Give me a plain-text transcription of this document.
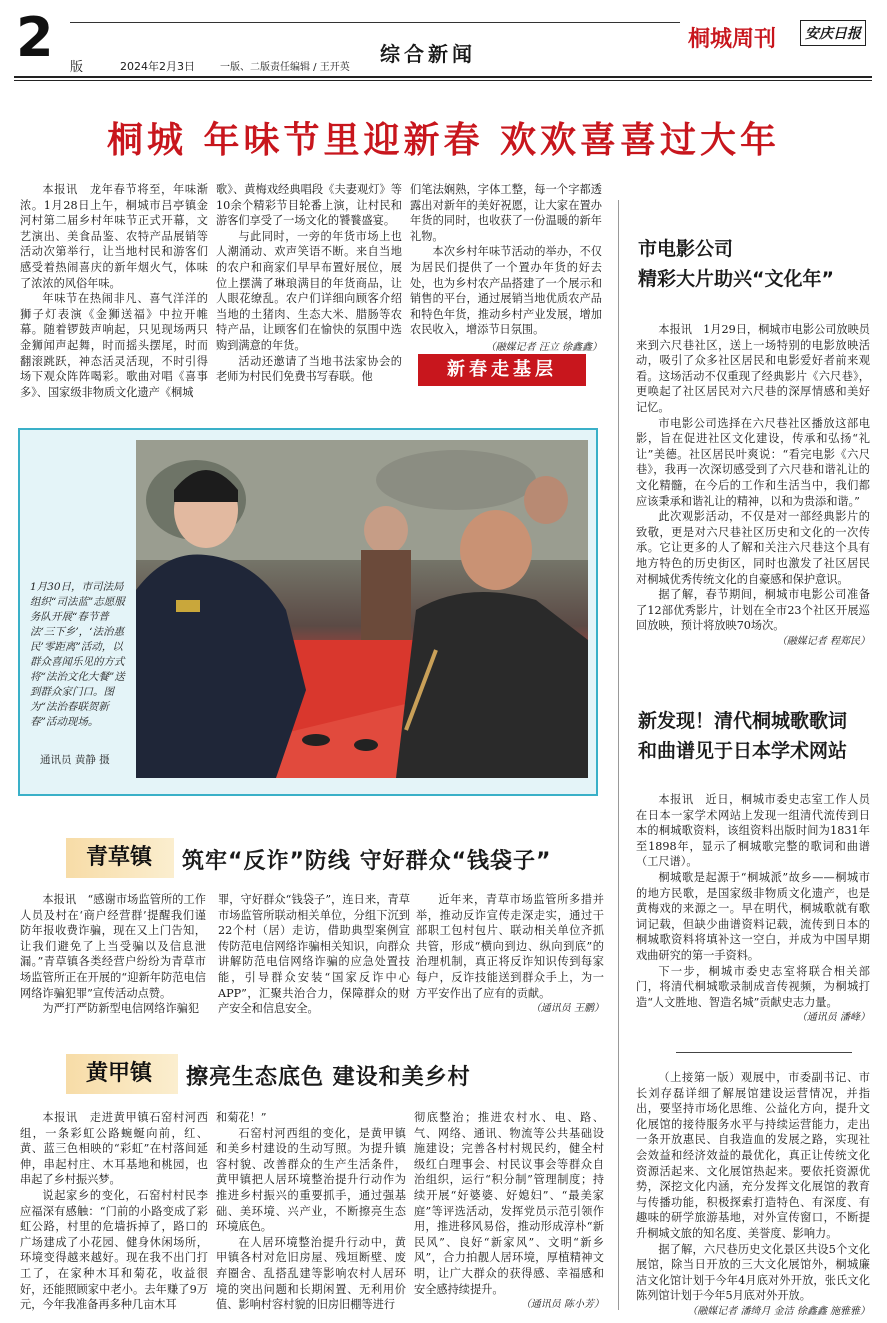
2 版	2024年2月3日	一版、二版责任编辑 / 王开英
综合新闻
桐城周刊	安庆日报
桐城 年味节里迎新春 欢欢喜喜过大年

本报讯　龙年春节将至，年味渐浓。1月28日上午，桐城市吕亭镇金河村第二届乡村年味节正式开幕，文艺演出、美食品鉴、农特产品展销等活动次第举行，让当地村民和游客们感受着热闹喜庆的新年烟火气，体味了浓浓的风俗年味。

年味节在热闹非凡、喜气洋洋的狮子灯表演《金狮送福》中拉开帷幕。随着锣鼓声响起，只见现场两只金狮闻声起舞，时而摇头摆尾，时而翻滚跳跃，神态活灵活现，不时引得场下观众阵阵喝彩。歌曲对唱《喜事多》、国家级非物质文化遗产《桐城

歌》、黄梅戏经典唱段《夫妻观灯》等10余个精彩节目轮番上演，让村民和游客们享受了一场文化的饕餮盛宴。

与此同时，一旁的年货市场上也人潮涌动、欢声笑语不断。来自当地的农户和商家们早早布置好展位，展位上摆满了琳琅满目的年货商品，让人眼花缭乱。农户们详细向顾客介绍当地的土猪肉、生态大米、腊肠等农特产品，让顾客们在愉快的氛围中选购到满意的年货。

活动还邀请了当地书法家协会的老师为村民们免费书写春联。他

们笔法娴熟，字体工整，每一个字都透露出对新年的美好祝愿，让大家在置办年货的同时，也收获了一份温暖的新年礼物。

本次乡村年味节活动的举办，不仅为居民们提供了一个置办年货的好去处，也为乡村农产品搭建了一个展示和销售的平台，通过展销当地优质农产品和特色年货，推动乡村产业发展，增加农民收入，增添节日氛围。

（融媒记者 汪立 徐鑫鑫）
新春走基层
1月30日，市司法局组织“司法蓝”志愿服务队开展“春节普法‘三下乡’，‘法治惠民’零距离”活动，以群众喜闻乐见的方式将“法治文化大餐”送到群众家门口。图为“法治春联贺新春”活动现场。
通讯员 黄静 摄
青草镇	筑牢“反诈”防线 守好群众“钱袋子”

本报讯　“感谢市场监管所的工作人员及村在‘商户经营群’提醒我们谨防年报收费诈骗，现在又上门告知，让我们避免了上当受骗以及信息泄漏。”青草镇各类经营户纷纷为青草市场监管所正在开展的“迎新年防范电信网络诈骗犯罪”宣传活动点赞。

为严打严防新型电信网络诈骗犯

罪，守好群众“钱袋子”，连日来，青草市场监管所联动相关单位，分组下沉到22个村（居）走访，借助典型案例宣传防范电信网络诈骗相关知识，向群众讲解防范电信网络诈骗的应急处置技能，引导群众安装“国家反诈中心APP”，汇聚共治合力，保障群众的财产安全和信息安全。

近年来，青草市场监管所多措并举，推动反诈宣传走深走实，通过干部职工包村包片、联动相关单位齐抓共管，形成“横向到边、纵向到底”的治理机制，真正将反诈知识传到每家每户，反诈技能送到群众手上，为一方平安作出了应有的贡献。

（通讯员 王鹏）
黄甲镇	擦亮生态底色 建设和美乡村

本报讯　走进黄甲镇石窑村河西组，一条彩虹公路蜿蜒向前，红、黄、蓝三色相映的“彩虹”在村落间延伸，串起村庄、木耳基地和桃园，也串起了乡村振兴梦。

说起家乡的变化，石窑村村民李应福深有感触：“门前的小路变成了彩虹公路，村里的危墙拆掉了，路口的广场建成了小花园、健身休闲场所，环境变得越来越好。现在我不出门打工了，在家种木耳和菊花，收益很好，还能照顾家中老小。去年赚了9万元，今年我准备再多种几亩木耳

和菊花！”

石窑村河西组的变化，是黄甲镇和美乡村建设的生动写照。为提升镇容村貌、改善群众的生产生活条件，黄甲镇把人居环境整治提升行动作为推进乡村振兴的重要抓手，通过强基础、美环境、兴产业，不断擦亮生态环境底色。

在人居环境整治提升行动中，黄甲镇各村对危旧房屋、残垣断壁、废弃圈舍、乱搭乱建等影响农村人居环境的突出问题和长期闲置、无利用价值、影响村容村貌的旧房旧棚等进行

彻底整治；推进农村水、电、路、气、网络、通讯、物流等公共基础设施建设；完善各村村规民约，健全村级红白理事会、村民议事会等群众自治组织，运行“积分制”管理制度；持续开展“好婆婆、好媳妇”、“最美家庭”等评选活动，发挥党员示范引领作用，推进移风易俗，推动形成淳朴“新民风”、良好“新家风”、文明“新乡风”，合力拍靓人居环境，厚植精神文明，让广大群众的获得感、幸福感和安全感持续提升。

（通讯员 陈小芳）
市电影公司
精彩大片助兴“文化年”

本报讯　1月29日，桐城市电影公司放映员来到六尺巷社区，送上一场特别的电影放映活动，吸引了众多社区居民和电影爱好者前来观看。这场活动不仅重现了经典影片《六尺巷》，更唤起了社区居民对六尺巷的深厚情感和美好记忆。

市电影公司选择在六尺巷社区播放这部电影，旨在促进社区文化建设，传承和弘扬“礼让”美德。社区居民叶爽说：“看完电影《六尺巷》，我再一次深切感受到了六尺巷和谐礼让的文化精髓，在今后的工作和生活当中，我们都应该秉承和谐礼让的精神，以和为贵添和谐。”

此次观影活动，不仅是对一部经典影片的致敬，更是对六尺巷社区历史和文化的一次传承。它让更多的人了解和关注六尺巷这个具有地方特色的历史街区，同时也激发了社区居民对桐城优秀传统文化的自豪感和保护意识。

据了解，春节期间，桐城市电影公司准备了12部优秀影片，计划在全市23个社区开展巡回放映，预计将放映70场次。

（融媒记者 程郑民）
新发现！清代桐城歌歌词
和曲谱见于日本学术网站

本报讯　近日，桐城市委史志室工作人员在日本一家学术网站上发现一组清代流传到日本的桐城歌资料，该组资料出版时间为1831年至1898年，显示了桐城歌完整的歌词和曲谱（工尺谱）。

桐城歌是起源于“桐城派”故乡——桐城市的地方民歌，是国家级非物质文化遗产，也是黄梅戏的来源之一。早在明代，桐城歌就有歌词记载，但缺少曲谱资料记载，流传到日本的桐城歌资料将填补这一空白，并成为中国早期戏曲研究的第一手资料。

下一步，桐城市委史志室将联合相关部门，将清代桐城歌录制成音传视频，为桐城打造“人文胜地、智造名城”贡献史志力量。

（通讯员 潘峰）

（上接第一版）观展中，市委副书记、市长刘存磊详细了解展馆建设运营情况，并指出，要坚持市场化思维、公益化方向，提升文化展馆的接待服务水平与持续运营能力，走出一条开放惠民、自我造血的发展之路，实现社会效益和经济效益的最优化，真正让传统文化资源活起来、文化展馆热起来。要依托资源优势，深挖文化内涵，充分发挥文化展馆的教育与传播功能，积极探索打造特色、有深度、有趣味的研学旅游基地，对外宣传窗口，不断提升桐城文旅的知名度、美誉度、影响力。

据了解，六尺巷历史文化景区共设5个文化展馆，除当日开放的三大文化展馆外，桐城廉洁文化馆计划于今年4月底对外开放，张氏文化陈列馆计划于今年5月底对外开放。

（融媒记者 潘绮月 金洁 徐鑫鑫 施雅雅）
